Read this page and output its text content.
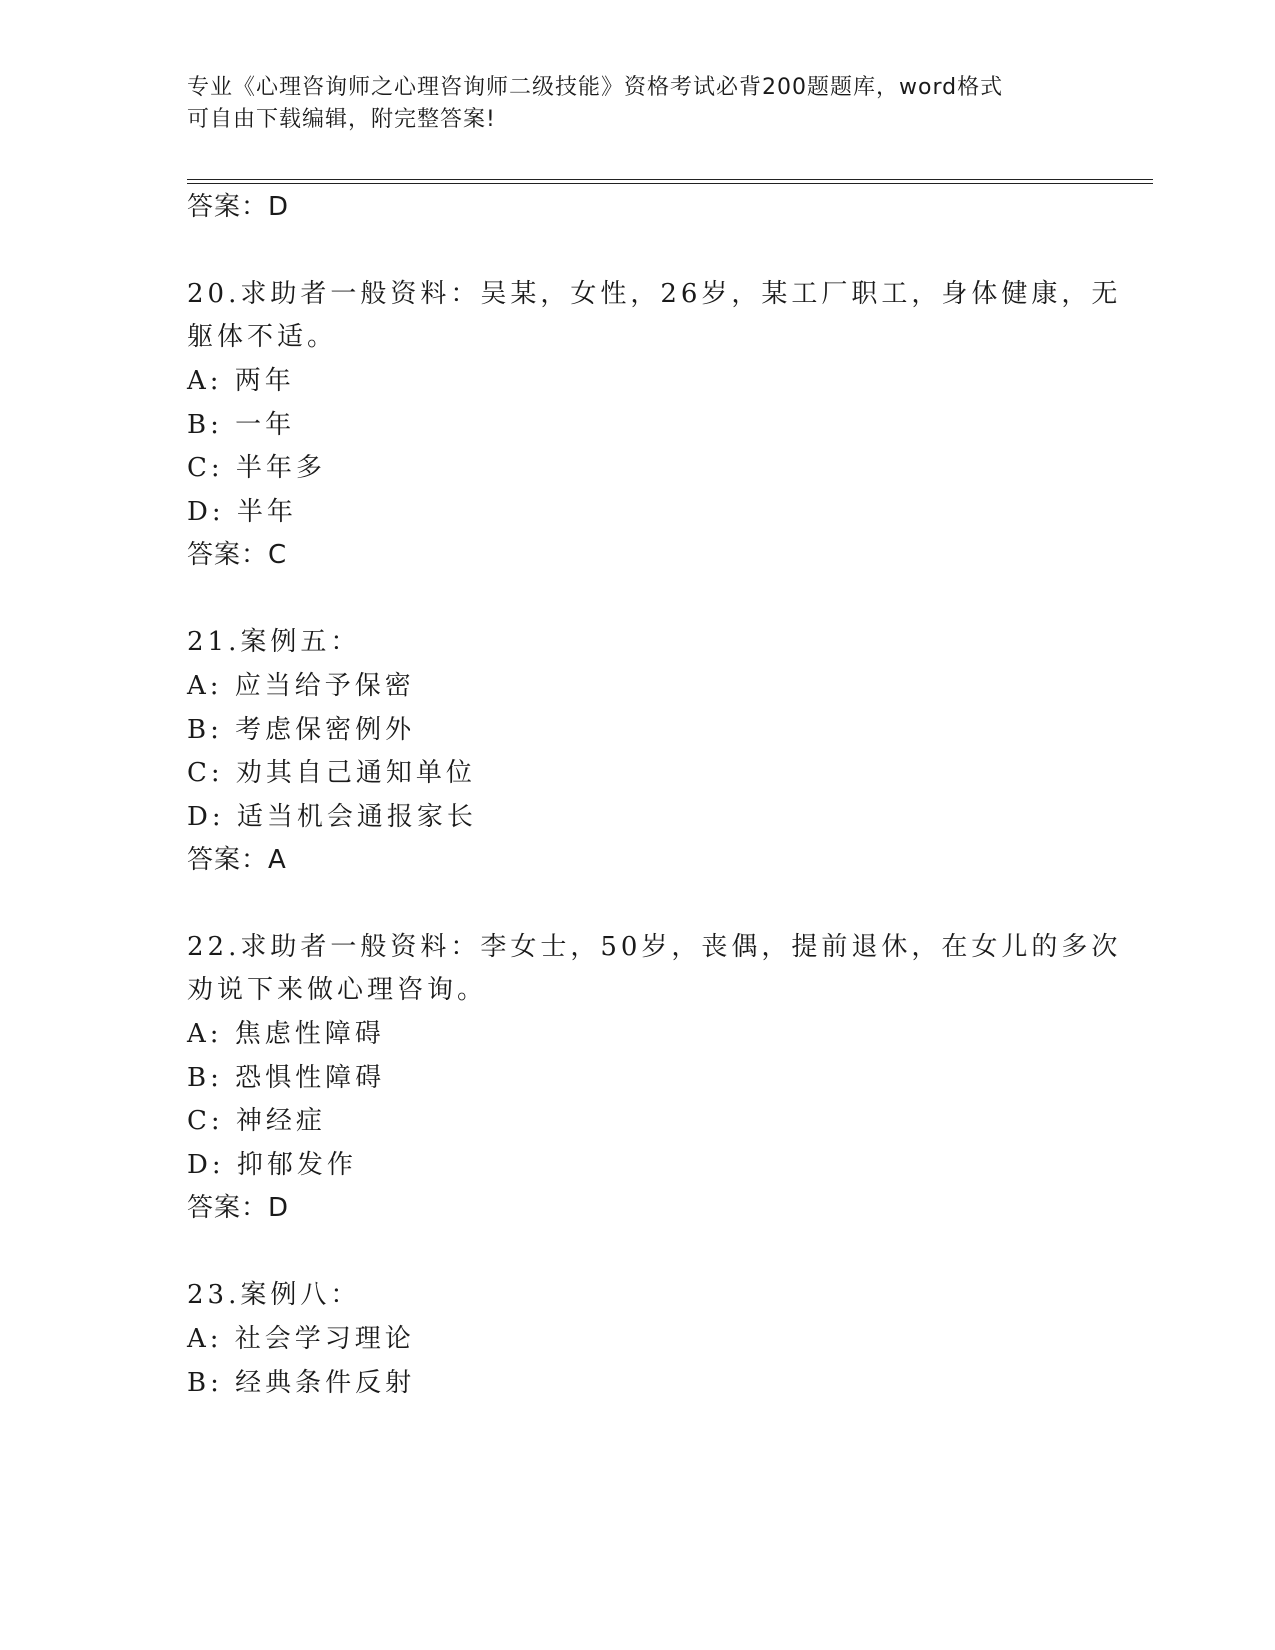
专业《心理咨询师之心理咨询师二级技能》资格考试必背200题题库，word格式
可自由下载编辑，附完整答案!
答案：D
20.求助者一般资料：吴某，女性，26岁，某工厂职工，身体健康，无
躯体不适。
A: 两年
B: 一年
C: 半年多
D: 半年
答案：C
21.案例五：
A: 应当给予保密
B: 考虑保密例外
C: 劝其自己通知单位
D: 适当机会通报家长
答案：A
22.求助者一般资料：李女士，50岁，丧偶，提前退休，在女儿的多次
劝说下来做心理咨询。
A: 焦虑性障碍
B: 恐惧性障碍
C: 神经症
D: 抑郁发作
答案：D
23.案例八：
A: 社会学习理论
B: 经典条件反射
